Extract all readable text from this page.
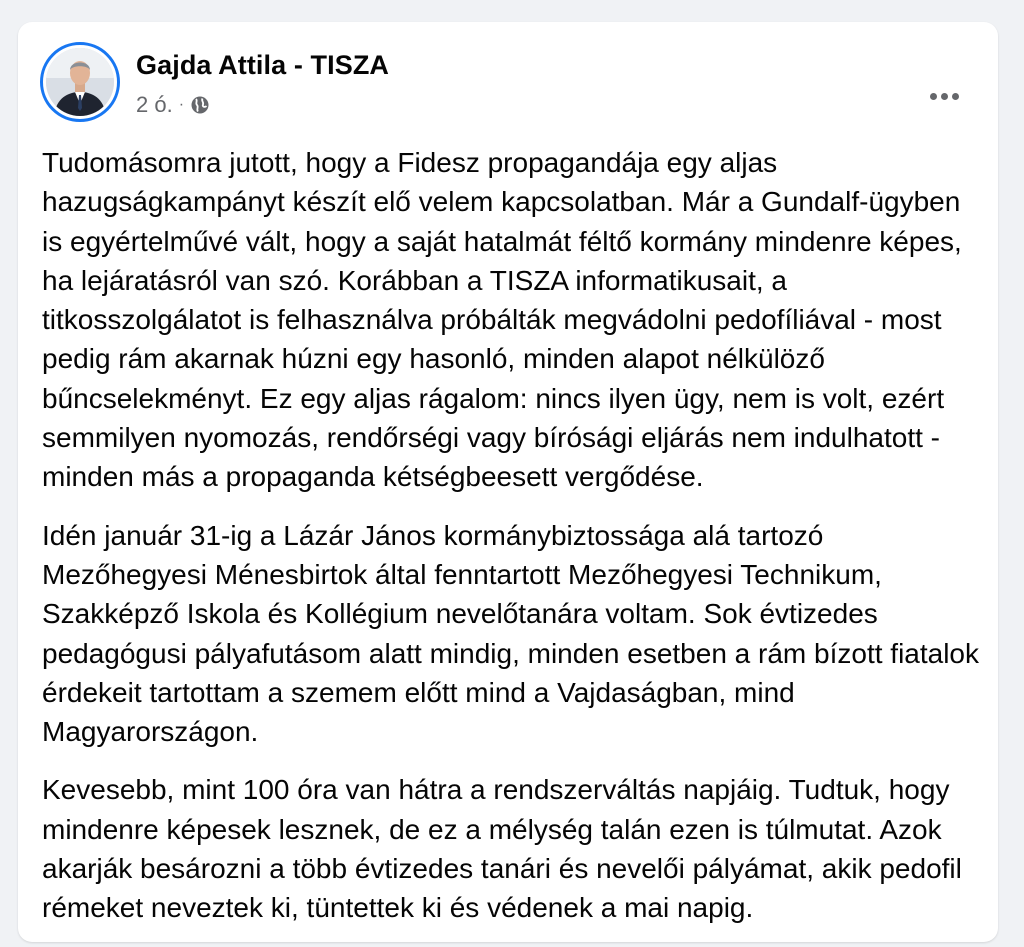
Gajda Attila - TISZA
2 ó. ·

Tudomásomra jutott, hogy a Fidesz propagandája egy aljas hazugságkampányt készít elő velem kapcsolatban. Már a Gundalf-ügyben is egyértelművé vált, hogy a saját hatalmát féltő kormány mindenre képes, ha lejáratásról van szó. Korábban a TISZA informatikusait, a titkosszolgálatot is felhasználva próbálták megvádolni pedofíliával - most pedig rám akarnak húzni egy hasonló, minden alapot nélkülöző bűncselekményt. Ez egy aljas rágalom: nincs ilyen ügy, nem is volt, ezért semmilyen nyomozás, rendőrségi vagy bírósági eljárás nem indulhatott - minden más a propaganda kétségbeesett vergődése.

Idén január 31-ig a Lázár János kormánybiztossága alá tartozó Mezőhegyesi Ménesbirtok által fenntartott Mezőhegyesi Technikum, Szakképző Iskola és Kollégium nevelőtanára voltam. Sok évtizedes pedagógusi pályafutásom alatt mindig, minden esetben a rám bízott fiatalok érdekeit tartottam a szemem előtt mind a Vajdaságban, mind Magyarországon.

Kevesebb, mint 100 óra van hátra a rendszerváltás napjáig. Tudtuk, hogy mindenre képesek lesznek, de ez a mélység talán ezen is túlmutat. Azok akarják besározni a több évtizedes tanári és nevelői pályámat, akik pedofil rémeket neveztek ki, tüntettek ki és védenek a mai napig.
